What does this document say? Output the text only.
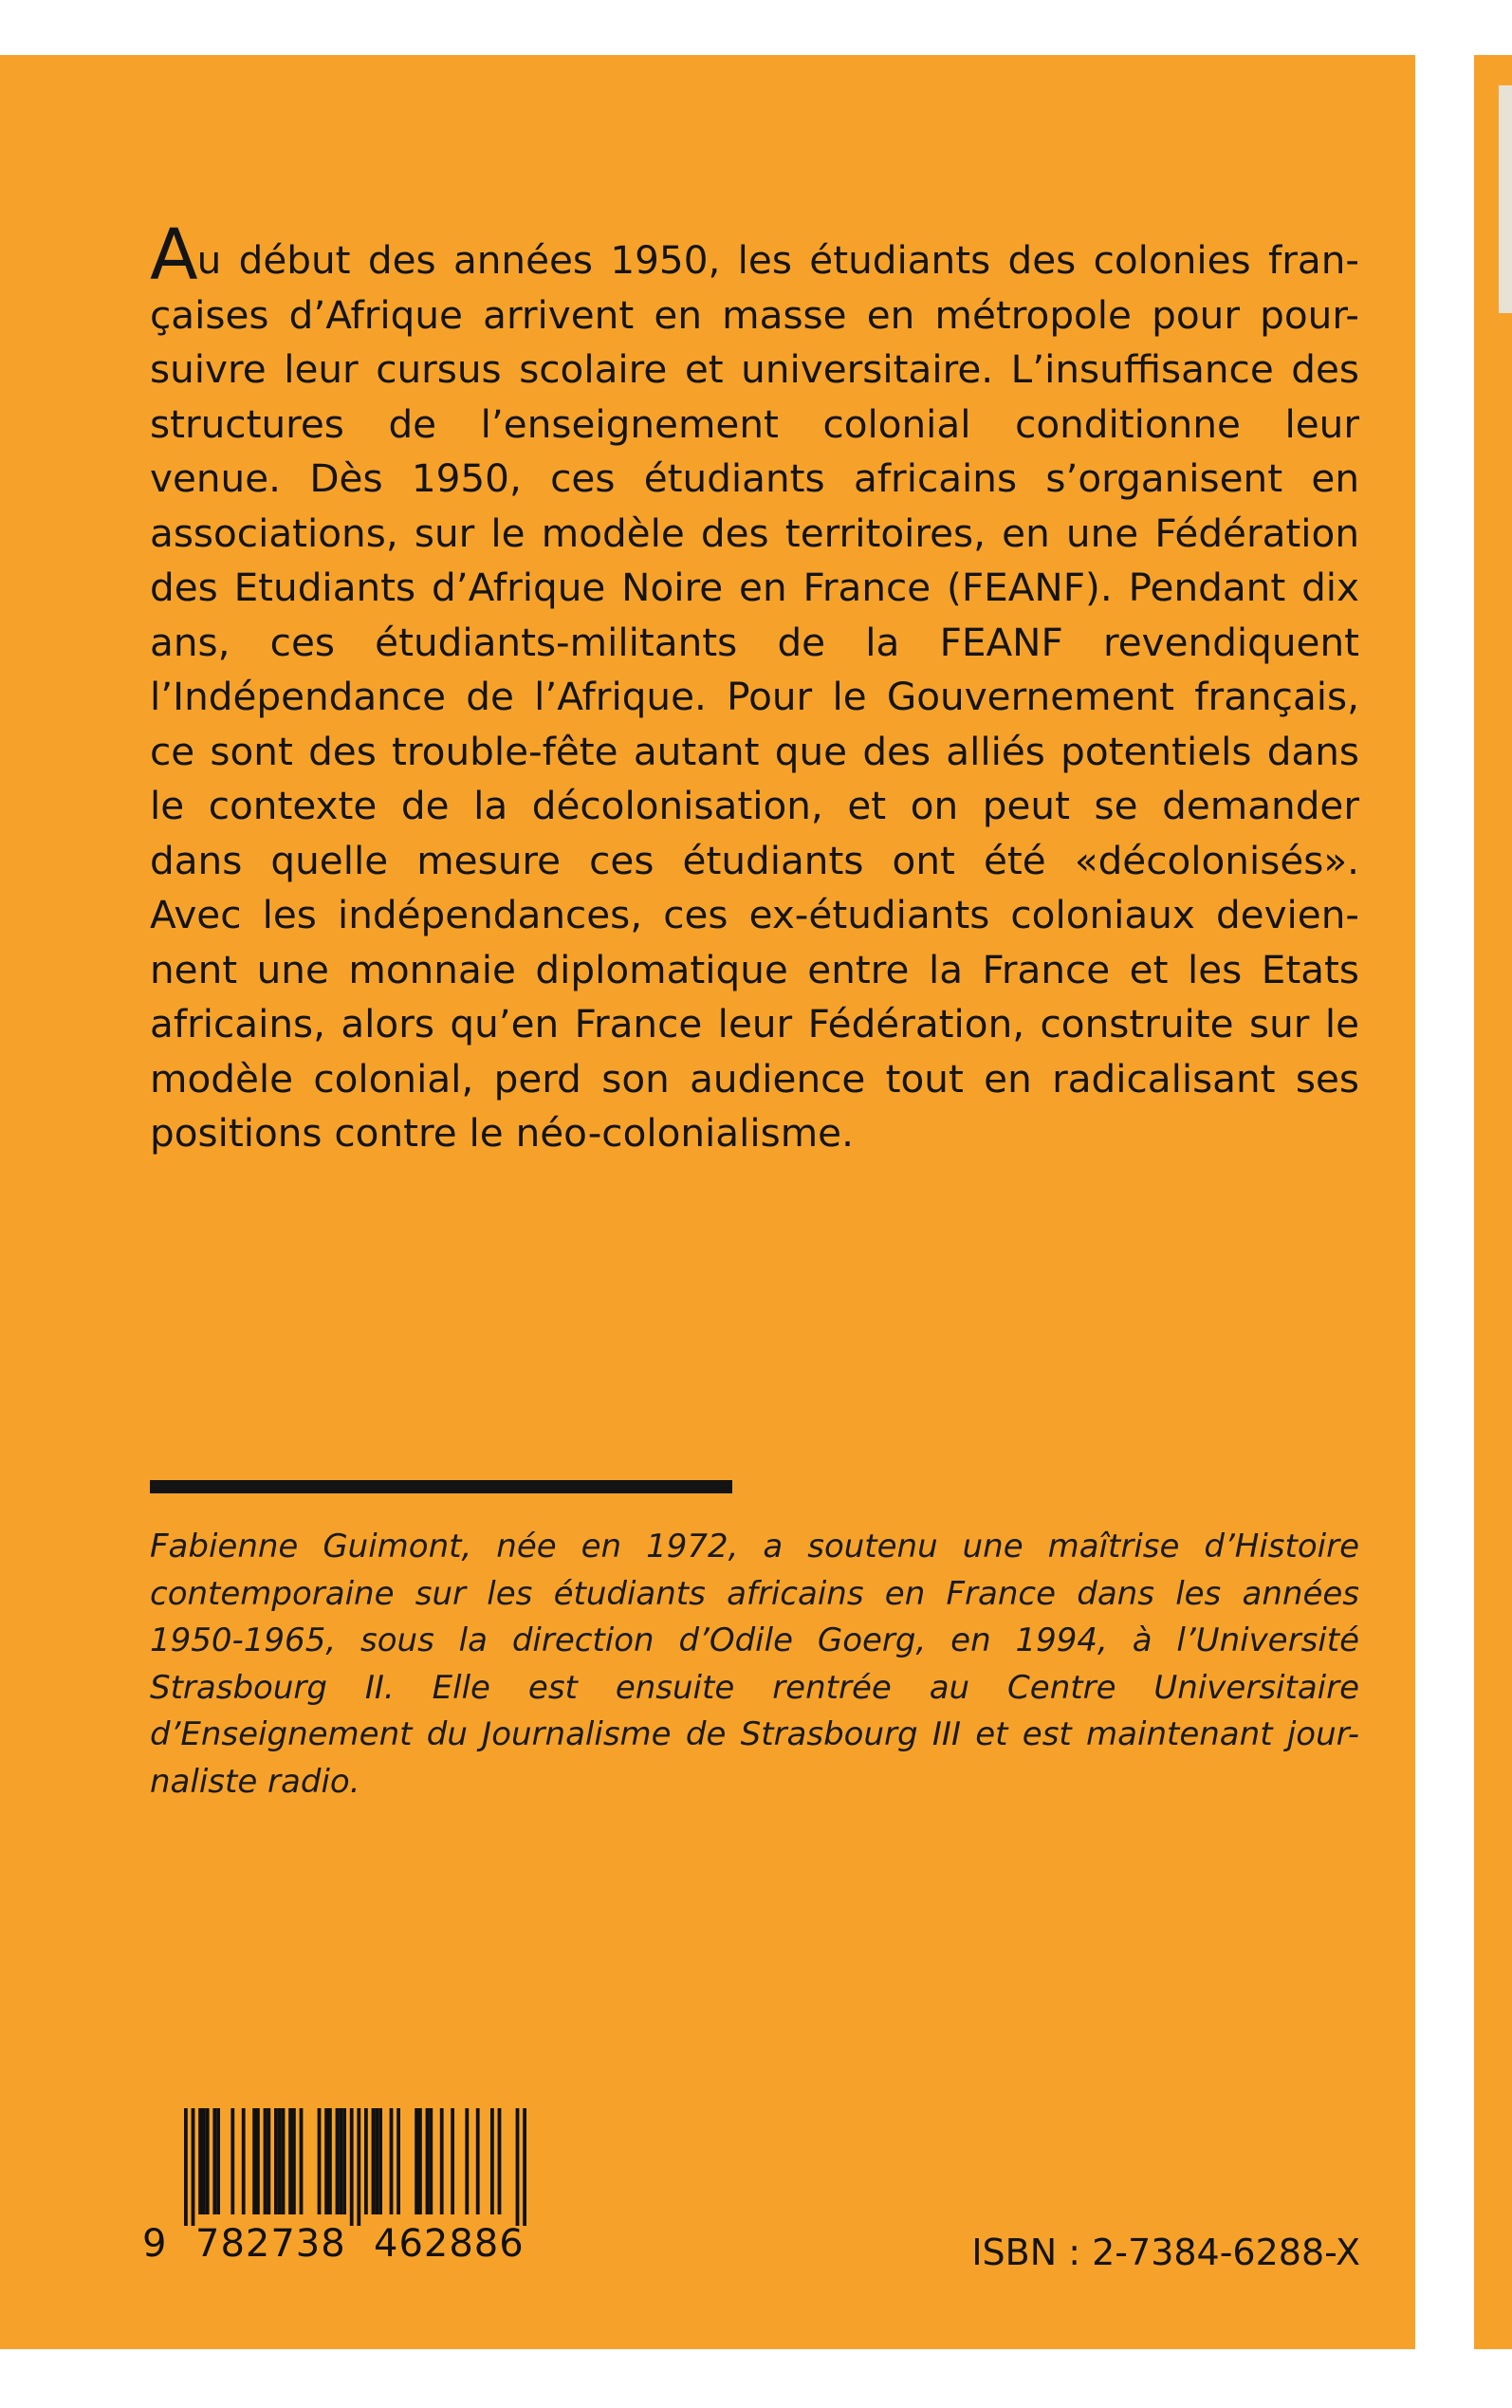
Au début des années 1950, les étudiants des colonies fran-
çaises d’Afrique arrivent en masse en métropole pour pour-
suivre leur cursus scolaire et universitaire. L’insuffisance des
structures de l’enseignement colonial conditionne leur
venue. Dès 1950, ces étudiants africains s’organisent en
associations, sur le modèle des territoires, en une Fédération
des Etudiants d’Afrique Noire en France (FEANF). Pendant dix
ans, ces étudiants-militants de la FEANF revendiquent
l’Indépendance de l’Afrique. Pour le Gouvernement français,
ce sont des trouble-fête autant que des alliés potentiels dans
le contexte de la décolonisation, et on peut se demander
dans quelle mesure ces étudiants ont été «décolonisés».
Avec les indépendances, ces ex-étudiants coloniaux devien-
nent une monnaie diplomatique entre la France et les Etats
africains, alors qu’en France leur Fédération, construite sur le
modèle colonial, perd son audience tout en radicalisant ses
positions contre le néo-colonialisme.
Fabienne Guimont, née en 1972, a soutenu une maîtrise d’Histoire
contemporaine sur les étudiants africains en France dans les années
1950-1965, sous la direction d’Odile Goerg, en 1994, à l’Université
Strasbourg II. Elle est ensuite rentrée au Centre Universitaire
d’Enseignement du Journalisme de Strasbourg III et est maintenant jour-
naliste radio.
9 782738 462886	ISBN : 2-7384-6288-X
